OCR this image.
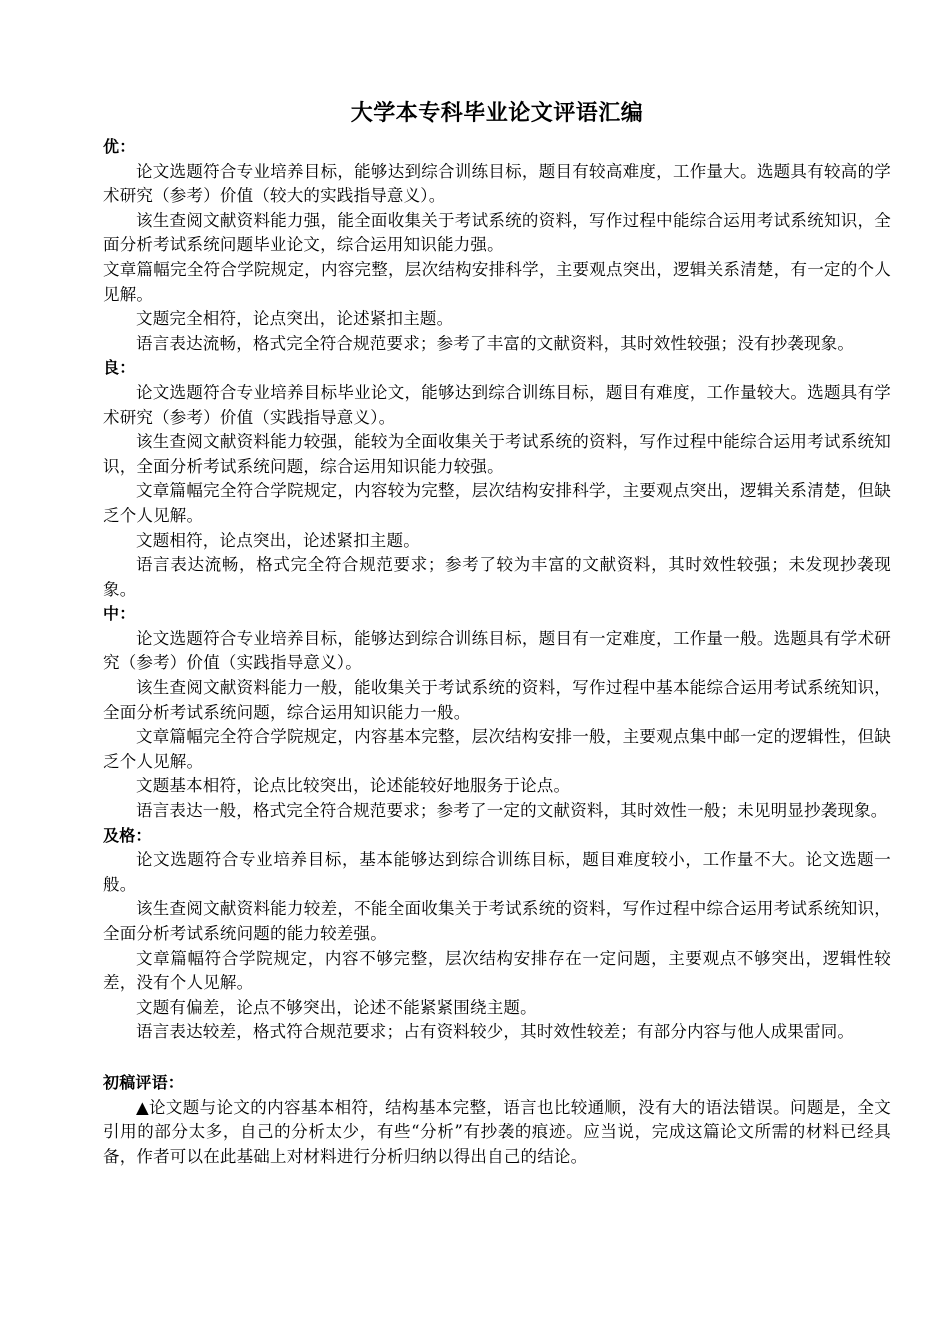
大学本专科毕业论文评语汇编
优：

论文选题符合专业培养目标，能够达到综合训练目标，题目有较高难度，工作量大。选题具有较高的学术研究（参考）价值（较大的实践指导意义）。

该生查阅文献资料能力强，能全面收集关于考试系统的资料，写作过程中能综合运用考试系统知识，全面分析考试系统问题毕业论文，综合运用知识能力强。

文章篇幅完全符合学院规定，内容完整，层次结构安排科学，主要观点突出，逻辑关系清楚，有一定的个人见解。

文题完全相符，论点突出，论述紧扣主题。

语言表达流畅，格式完全符合规范要求；参考了丰富的文献资料，其时效性较强；没有抄袭现象。

良：

论文选题符合专业培养目标毕业论文，能够达到综合训练目标，题目有难度，工作量较大。选题具有学术研究（参考）价值（实践指导意义）。

该生查阅文献资料能力较强，能较为全面收集关于考试系统的资料，写作过程中能综合运用考试系统知识，全面分析考试系统问题，综合运用知识能力较强。

文章篇幅完全符合学院规定，内容较为完整，层次结构安排科学，主要观点突出，逻辑关系清楚，但缺乏个人见解。

文题相符，论点突出，论述紧扣主题。

语言表达流畅，格式完全符合规范要求；参考了较为丰富的文献资料，其时效性较强；未发现抄袭现象。

中：

论文选题符合专业培养目标，能够达到综合训练目标，题目有一定难度，工作量一般。选题具有学术研究（参考）价值（实践指导意义）。

该生查阅文献资料能力一般，能收集关于考试系统的资料，写作过程中基本能综合运用考试系统知识，全面分析考试系统问题，综合运用知识能力一般。

文章篇幅完全符合学院规定，内容基本完整，层次结构安排一般，主要观点集中邮一定的逻辑性，但缺乏个人见解。

文题基本相符，论点比较突出，论述能较好地服务于论点。

语言表达一般，格式完全符合规范要求；参考了一定的文献资料，其时效性一般；未见明显抄袭现象。

及格：

论文选题符合专业培养目标，基本能够达到综合训练目标，题目难度较小，工作量不大。论文选题一般。

该生查阅文献资料能力较差，不能全面收集关于考试系统的资料，写作过程中综合运用考试系统知识，全面分析考试系统问题的能力较差强。

文章篇幅符合学院规定，内容不够完整，层次结构安排存在一定问题，主要观点不够突出，逻辑性较差，没有个人见解。

文题有偏差，论点不够突出，论述不能紧紧围绕主题。

语言表达较差，格式符合规范要求；占有资料较少，其时效性较差；有部分内容与他人成果雷同。

初稿评语：

▲论文题与论文的内容基本相符，结构基本完整，语言也比较通顺，没有大的语法错误。问题是，全文引用的部分太多，自己的分析太少，有些“分析”有抄袭的痕迹。应当说，完成这篇论文所需的材料已经具备，作者可以在此基础上对材料进行分析归纳以得出自己的结论。
